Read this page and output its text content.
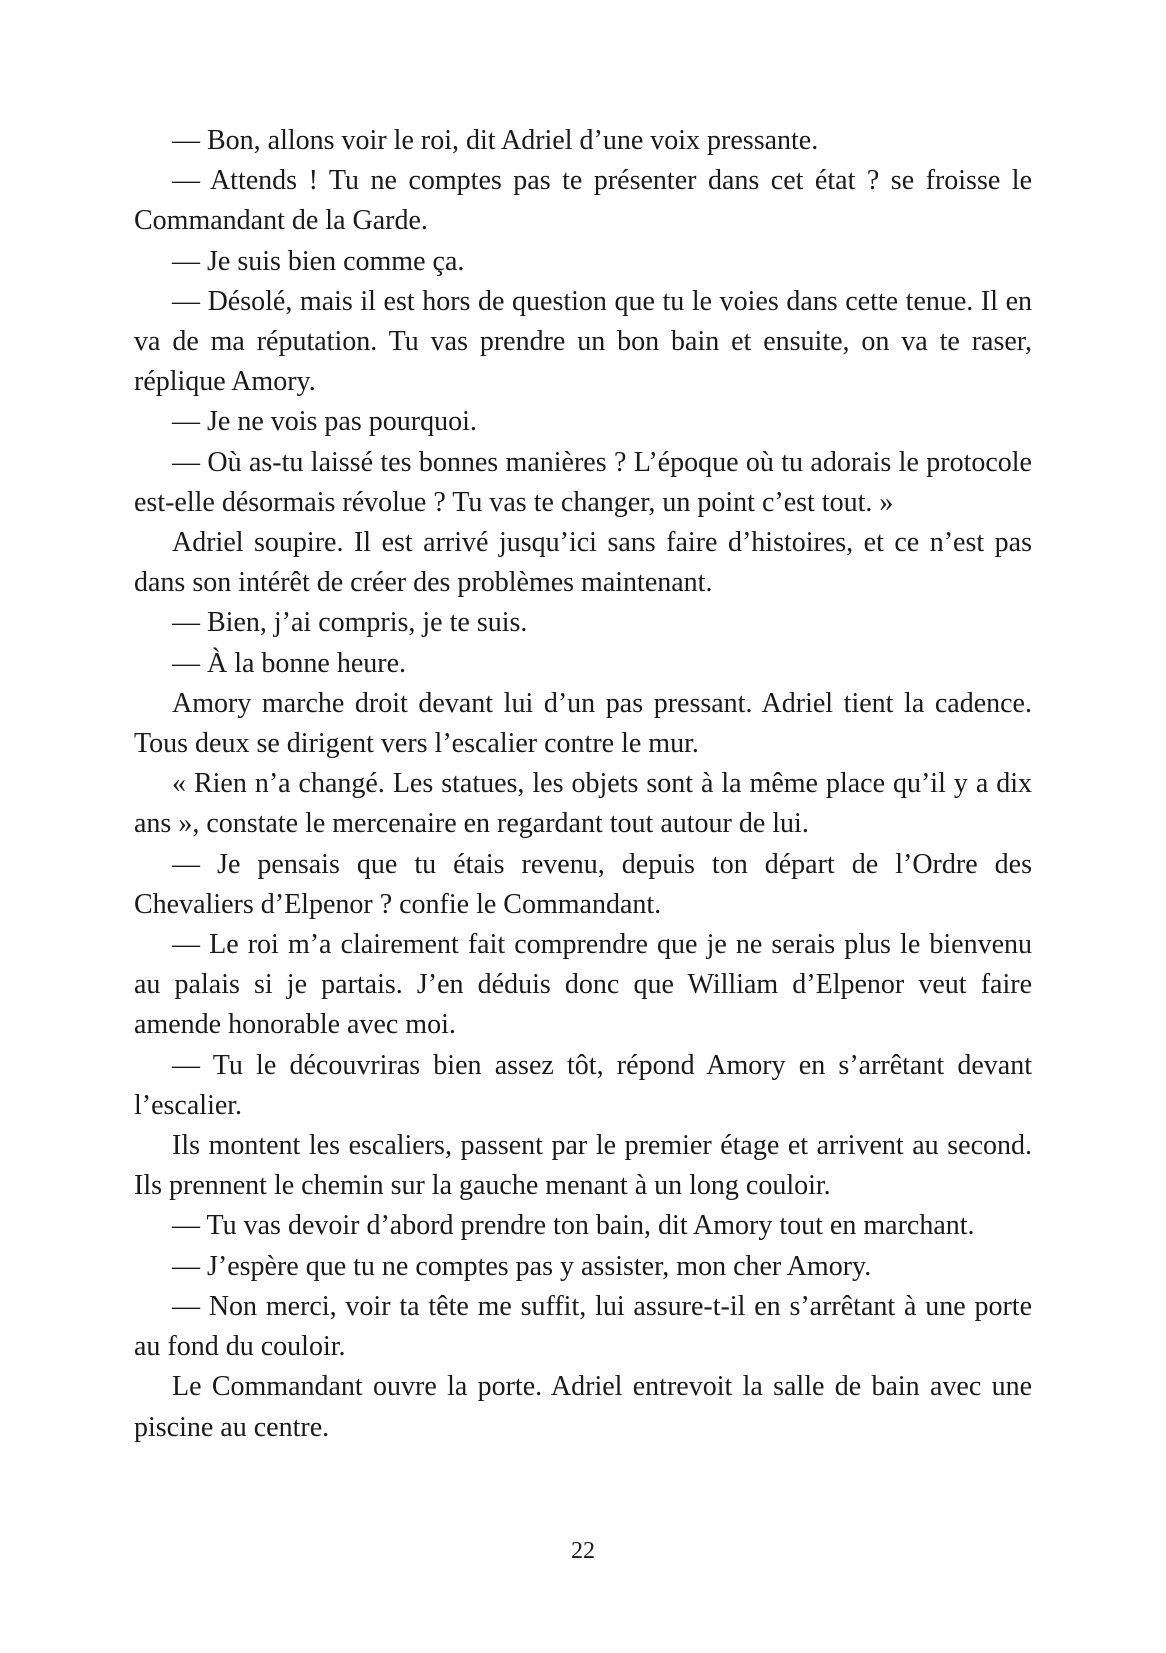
— Bon, allons voir le roi, dit Adriel d’une voix pressante.

— Attends ! Tu ne comptes pas te présenter dans cet état ? se froisse le Commandant de la Garde.

— Je suis bien comme ça.

— Désolé, mais il est hors de question que tu le voies dans cette tenue. Il en va de ma réputation. Tu vas prendre un bon bain et ensuite, on va te raser, réplique Amory.

— Je ne vois pas pourquoi.

— Où as-tu laissé tes bonnes manières ? L’époque où tu adorais le protocole est-elle désormais révolue ? Tu vas te changer, un point c’est tout. »

Adriel soupire. Il est arrivé jusqu’ici sans faire d’histoires, et ce n’est pas dans son intérêt de créer des problèmes maintenant.

— Bien, j’ai compris, je te suis.

— À la bonne heure.

Amory marche droit devant lui d’un pas pressant. Adriel tient la cadence. Tous deux se dirigent vers l’escalier contre le mur.

« Rien n’a changé. Les statues, les objets sont à la même place qu’il y a dix ans », constate le mercenaire en regardant tout autour de lui.

— Je pensais que tu étais revenu, depuis ton départ de l’Ordre des Chevaliers d’Elpenor ? confie le Commandant.

— Le roi m’a clairement fait comprendre que je ne serais plus le bienvenu au palais si je partais. J’en déduis donc que William d’Elpenor veut faire amende honorable avec moi.

— Tu le découvriras bien assez tôt, répond Amory en s’arrêtant devant l’escalier.

Ils montent les escaliers, passent par le premier étage et arrivent au second. Ils prennent le chemin sur la gauche menant à un long couloir.

— Tu vas devoir d’abord prendre ton bain, dit Amory tout en marchant.

— J’espère que tu ne comptes pas y assister, mon cher Amory.

— Non merci, voir ta tête me suffit, lui assure-t-il en s’arrêtant à une porte au fond du couloir.

Le Commandant ouvre la porte. Adriel entrevoit la salle de bain avec une piscine au centre.

22
